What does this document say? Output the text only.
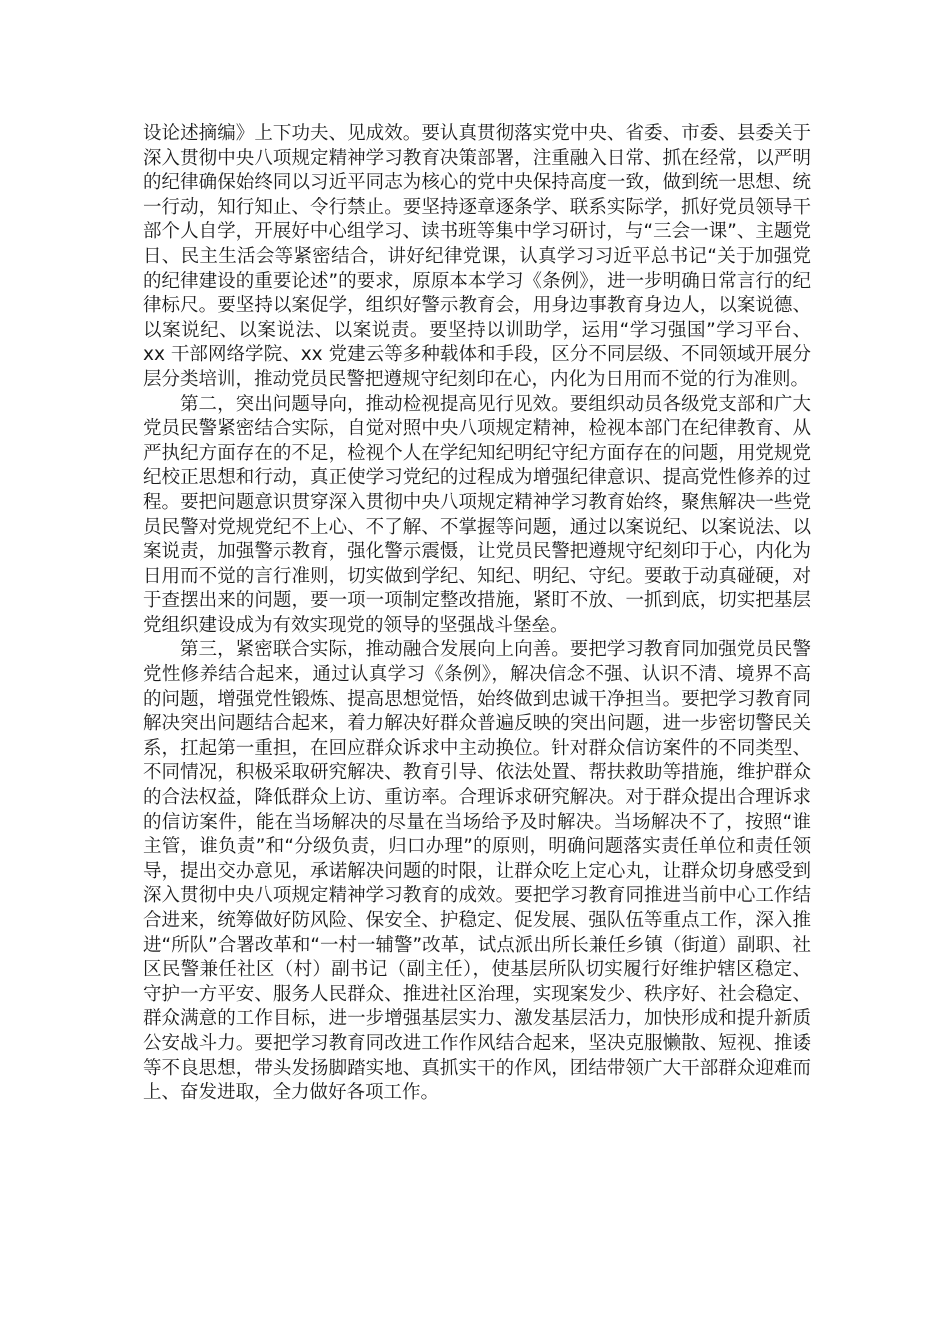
设论述摘编》上下功夫、见成效。要认真贯彻落实党中央、省委、市委、县委关于深入贯彻中央八项规定精神学习教育决策部署，注重融入日常、抓在经常，以严明的纪律确保始终同以习近平同志为核心的党中央保持高度一致，做到统一思想、统一行动，知行知止、令行禁止。要坚持逐章逐条学、联系实际学，抓好党员领导干部个人自学，开展好中心组学习、读书班等集中学习研讨，与“三会一课”、主题党日、民主生活会等紧密结合，讲好纪律党课，认真学习习近平总书记“关于加强党的纪律建设的重要论述”的要求，原原本本学习《条例》，进一步明确日常言行的纪律标尺。要坚持以案促学，组织好警示教育会，用身边事教育身边人，以案说德、以案说纪、以案说法、以案说责。要坚持以训助学，运用“学习强国”学习平台、xx 干部网络学院、xx 党建云等多种载体和手段，区分不同层级、不同领域开展分层分类培训，推动党员民警把遵规守纪刻印在心，内化为日用而不觉的行为准则。

第二，突出问题导向，推动检视提高见行见效。要组织动员各级党支部和广大党员民警紧密结合实际，自觉对照中央八项规定精神，检视本部门在纪律教育、从严执纪方面存在的不足，检视个人在学纪知纪明纪守纪方面存在的问题，用党规党纪校正思想和行动，真正使学习党纪的过程成为增强纪律意识、提高党性修养的过程。要把问题意识贯穿深入贯彻中央八项规定精神学习教育始终，聚焦解决一些党员民警对党规党纪不上心、不了解、不掌握等问题，通过以案说纪、以案说法、以案说责，加强警示教育，强化警示震慑，让党员民警把遵规守纪刻印于心，内化为日用而不觉的言行准则，切实做到学纪、知纪、明纪、守纪。要敢于动真碰硬，对于查摆出来的问题，要一项一项制定整改措施，紧盯不放、一抓到底，切实把基层党组织建设成为有效实现党的领导的坚强战斗堡垒。

第三，紧密联合实际，推动融合发展向上向善。要把学习教育同加强党员民警党性修养结合起来，通过认真学习《条例》，解决信念不强、认识不清、境界不高的问题，增强党性锻炼、提高思想觉悟，始终做到忠诚干净担当。要把学习教育同解决突出问题结合起来，着力解决好群众普遍反映的突出问题，进一步密切警民关系，扛起第一重担，在回应群众诉求中主动换位。针对群众信访案件的不同类型、不同情况，积极采取研究解决、教育引导、依法处置、帮扶救助等措施，维护群众的合法权益，降低群众上访、重访率。合理诉求研究解决。对于群众提出合理诉求的信访案件，能在当场解决的尽量在当场给予及时解决。当场解决不了，按照“谁主管，谁负责”和“分级负责，归口办理”的原则，明确问题落实责任单位和责任领导，提出交办意见，承诺解决问题的时限，让群众吃上定心丸，让群众切身感受到深入贯彻中央八项规定精神学习教育的成效。要把学习教育同推进当前中心工作结合进来，统筹做好防风险、保安全、护稳定、促发展、强队伍等重点工作，深入推进“所队”合署改革和“一村一辅警”改革，试点派出所长兼任乡镇（街道）副职、社区民警兼任社区（村）副书记（副主任），使基层所队切实履行好维护辖区稳定、守护一方平安、服务人民群众、推进社区治理，实现案发少、秩序好、社会稳定、群众满意的工作目标，进一步增强基层实力、激发基层活力，加快形成和提升新质公安战斗力。要把学习教育同改进工作作风结合起来，坚决克服懒散、短视、推诿等不良思想，带头发扬脚踏实地、真抓实干的作风，团结带领广大干部群众迎难而上、奋发进取，全力做好各项工作。
